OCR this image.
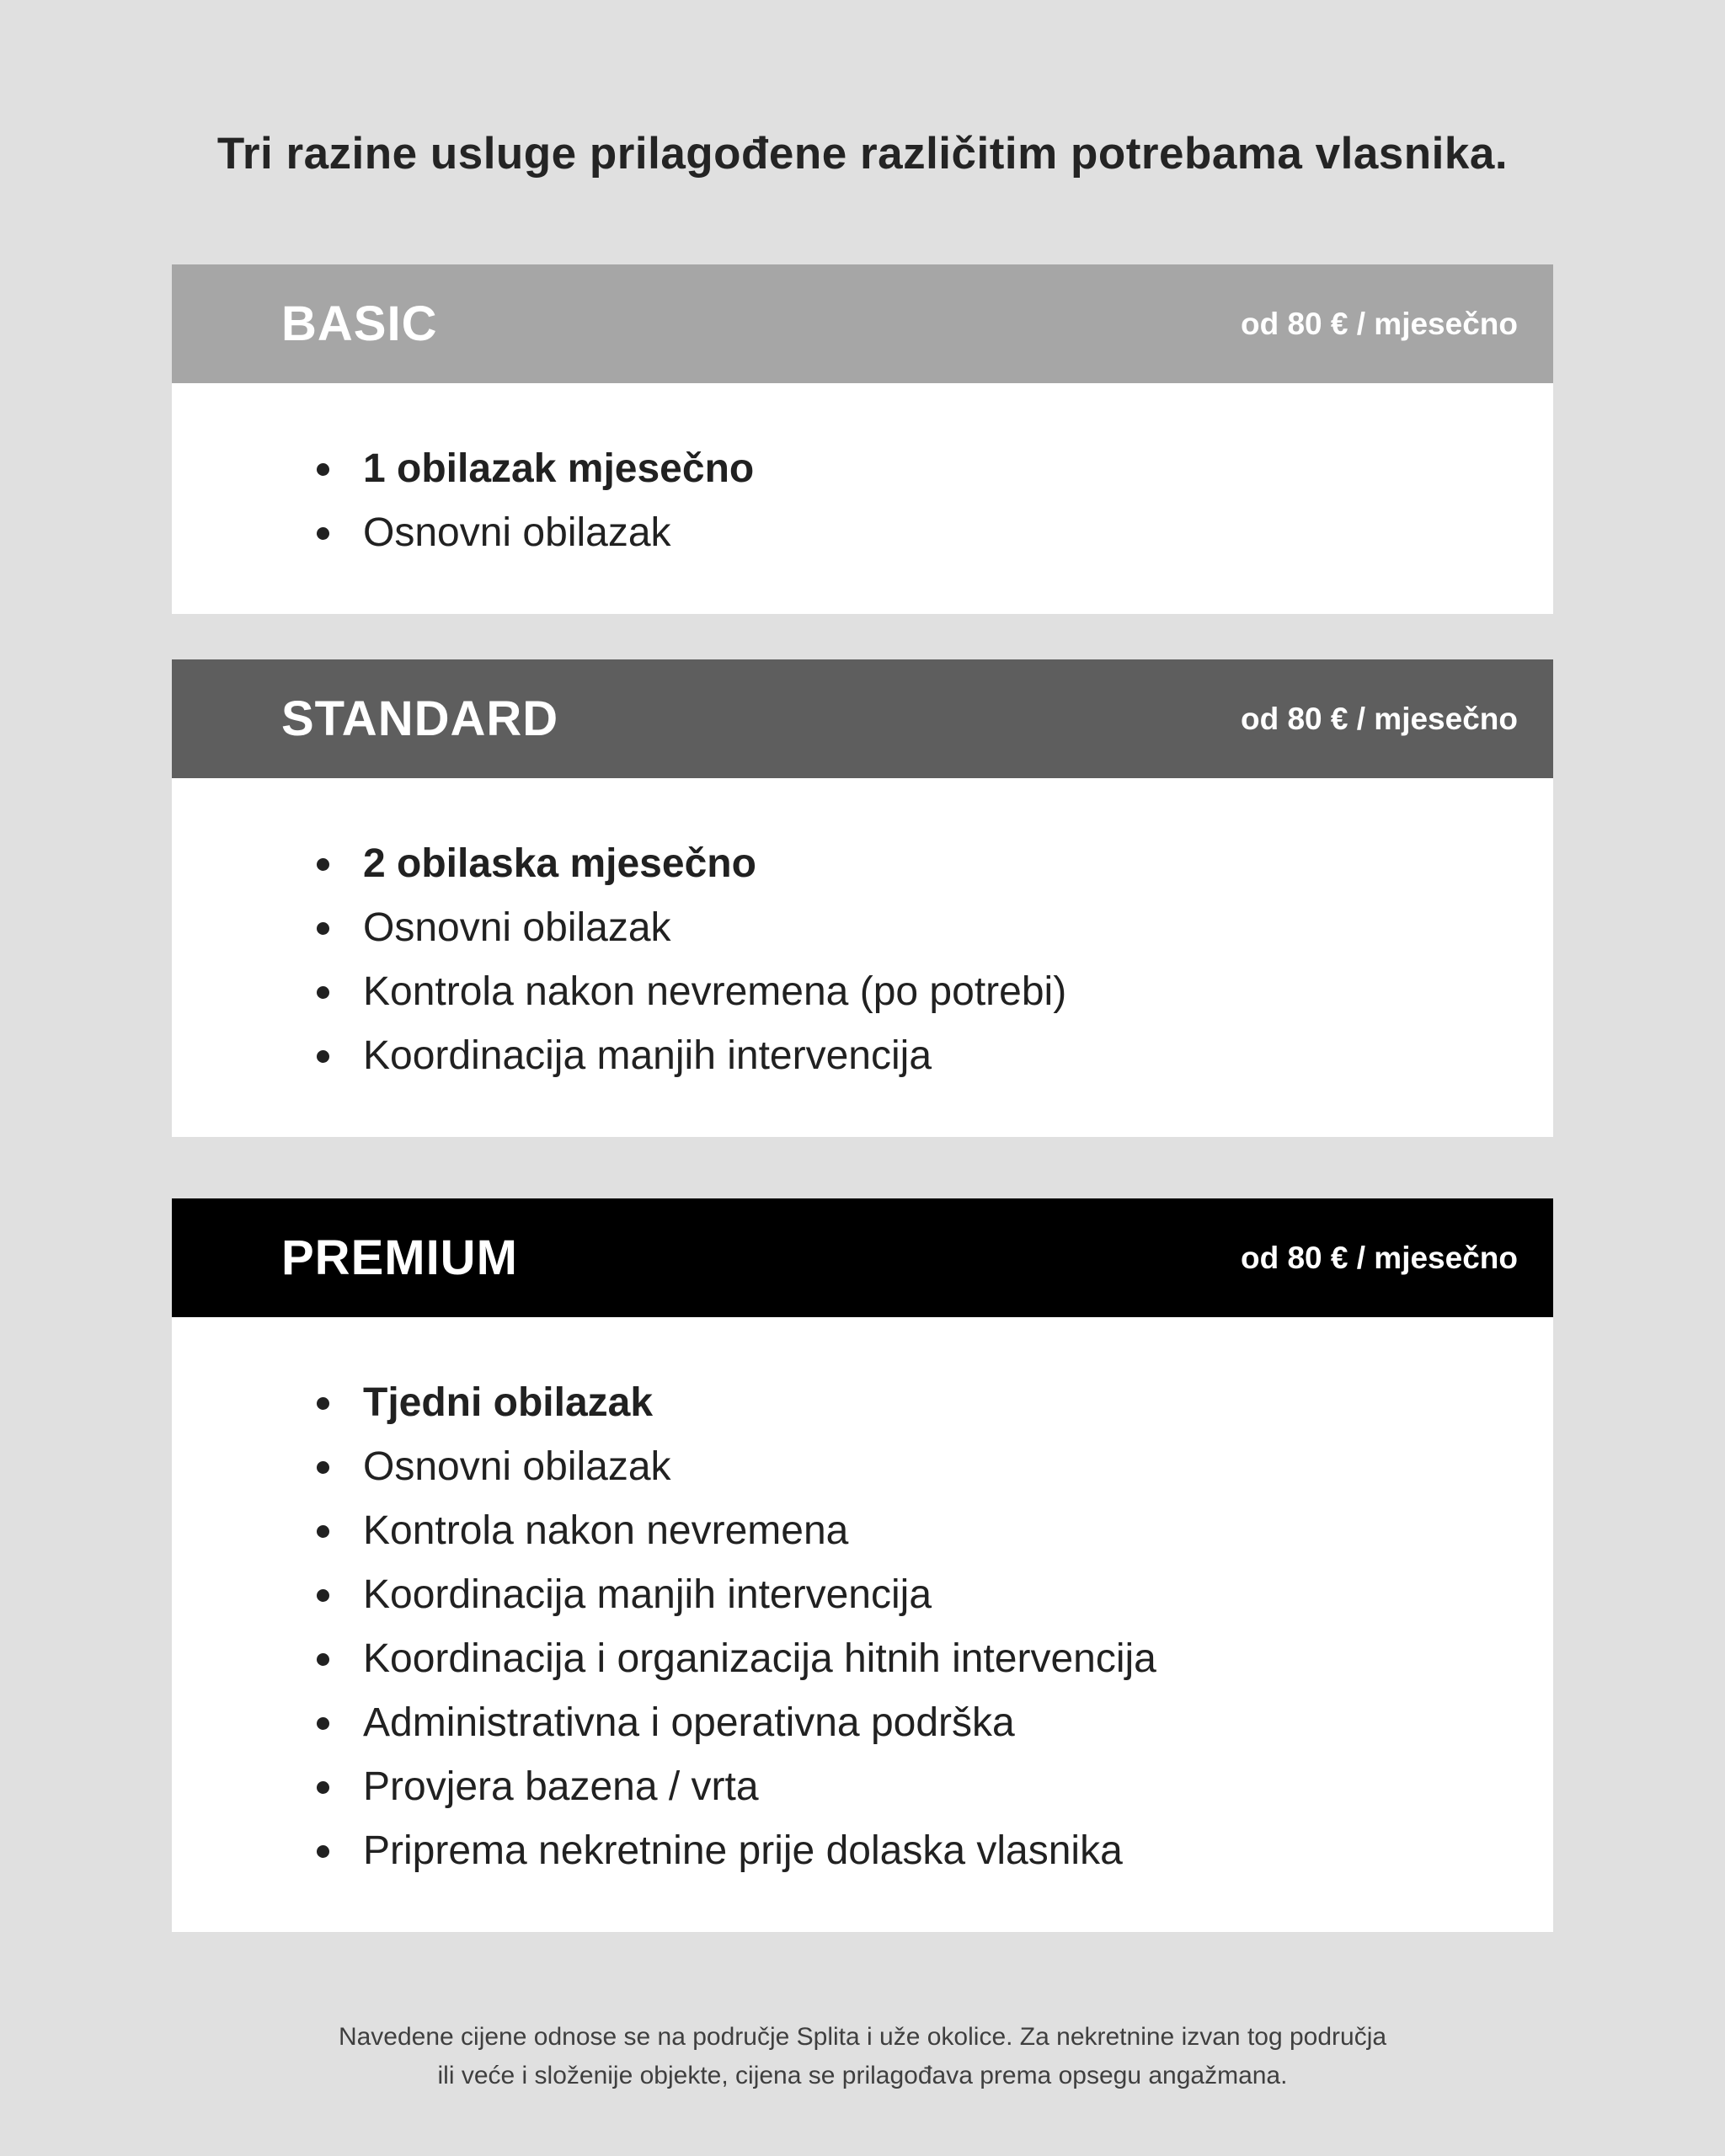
Tri razine usluge prilagođene različitim potrebama vlasnika.
BASIC	od 80 € / mjesečno
1 obilazak mjesečno
Osnovni obilazak
STANDARD	od 80 € / mjesečno
2 obilaska mjesečno
Osnovni obilazak
Kontrola nakon nevremena (po potrebi)
Koordinacija manjih intervencija
PREMIUM	od 80 € / mjesečno
Tjedni obilazak
Osnovni obilazak
Kontrola nakon nevremena
Koordinacija manjih intervencija
Koordinacija i organizacija hitnih intervencija
Administrativna i operativna podrška
Provjera bazena / vrta
Priprema nekretnine prije dolaska vlasnika
Navedene cijene odnose se na područje Splita i uže okolice. Za nekretnine izvan tog područja
ili veće i složenije objekte, cijena se prilagođava prema opsegu angažmana.
